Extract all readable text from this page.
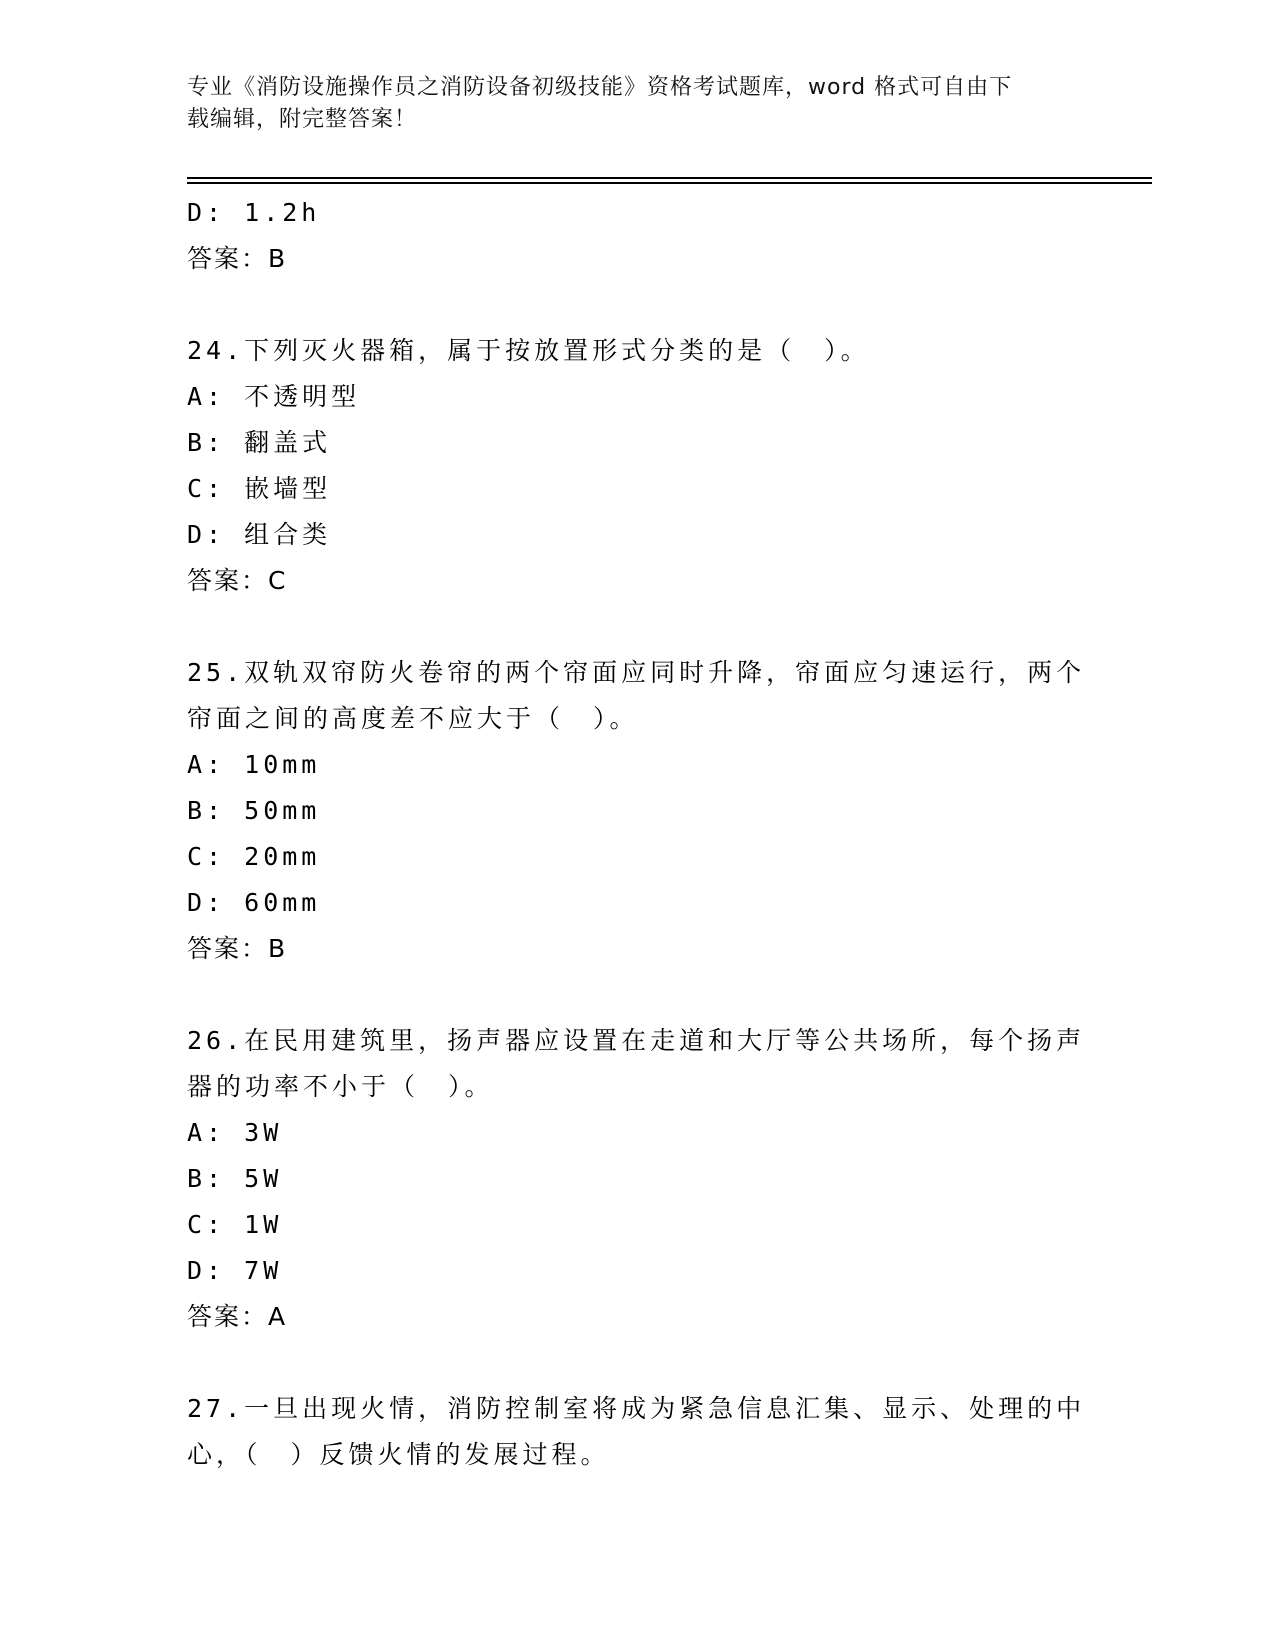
专业《消防设施操作员之消防设备初级技能》资格考试题库，word 格式可自由下
载编辑，附完整答案！
D: 1.2h
答案：B
24.下列灭火器箱，属于按放置形式分类的是（　）。
A: 不透明型
B: 翻盖式
C: 嵌墙型
D: 组合类
答案：C
25.双轨双帘防火卷帘的两个帘面应同时升降，帘面应匀速运行，两个
帘面之间的高度差不应大于（　）。
A: 10mm
B: 50mm
C: 20mm
D: 60mm
答案：B
26.在民用建筑里，扬声器应设置在走道和大厅等公共场所，每个扬声
器的功率不小于（　）。
A: 3W
B: 5W
C: 1W
D: 7W
答案：A
27.一旦出现火情，消防控制室将成为紧急信息汇集、显示、处理的中
心，（　）反馈火情的发展过程。
